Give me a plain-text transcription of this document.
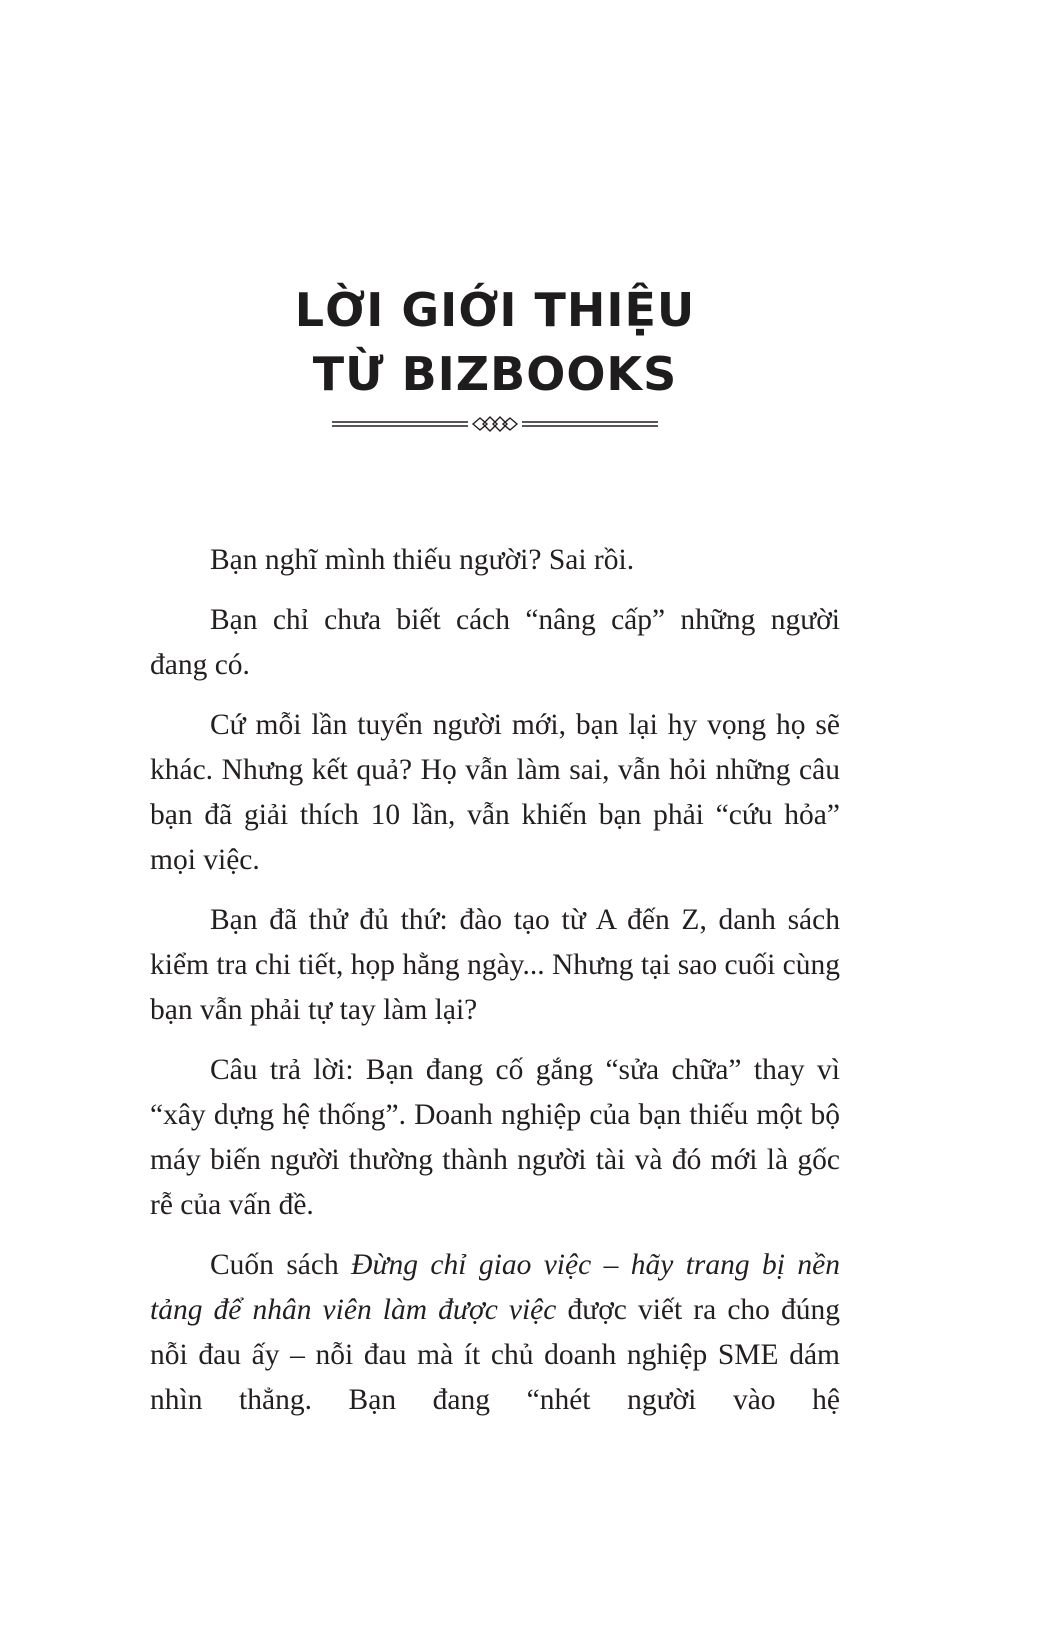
LỜI GIỚI THIỆU
TỪ BIZBOOKS

Bạn nghĩ mình thiếu người? Sai rồi.

Bạn chỉ chưa biết cách “nâng cấp” những người đang có.

Cứ mỗi lần tuyển người mới, bạn lại hy vọng họ sẽ khác. Nhưng kết quả? Họ vẫn làm sai, vẫn hỏi những câu bạn đã giải thích 10 lần, vẫn khiến bạn phải “cứu hỏa” mọi việc.

Bạn đã thử đủ thứ: đào tạo từ A đến Z, danh sách kiểm tra chi tiết, họp hằng ngày... Nhưng tại sao cuối cùng bạn vẫn phải tự tay làm lại?

Câu trả lời: Bạn đang cố gắng “sửa chữa” thay vì “xây dựng hệ thống”. Doanh nghiệp của bạn thiếu một bộ máy biến người thường thành người tài và đó mới là gốc rễ của vấn đề.

Cuốn sách Đừng chỉ giao việc – hãy trang bị nền tảng để nhân viên làm được việc được viết ra cho đúng nỗi đau ấy – nỗi đau mà ít chủ doanh nghiệp SME dám nhìn thẳng. Bạn đang “nhét người vào hệ
